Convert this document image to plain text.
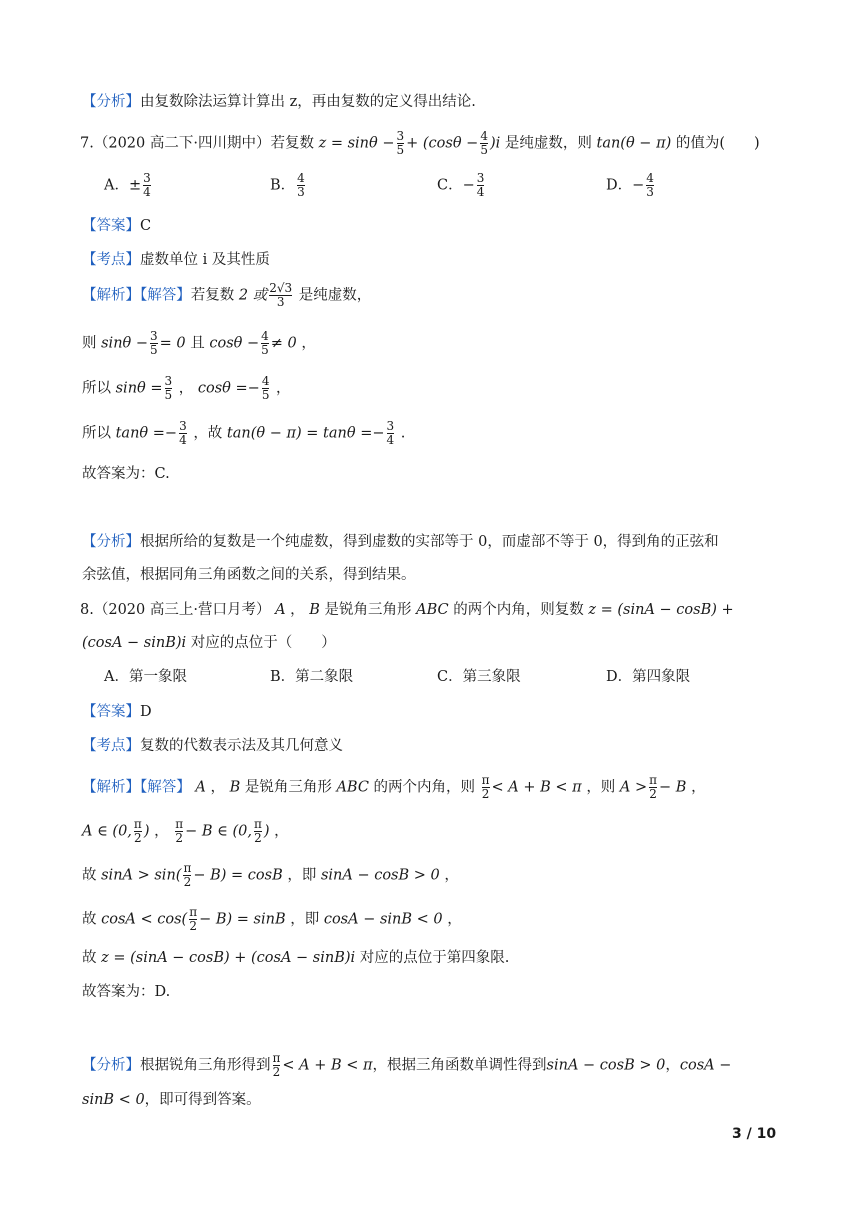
【分析】由复数除法运算计算出 z，再由复数的定义得出结论.
7.（2020 高二下·四川期中）若复数 $z = \sin\theta - \frac{3}{5} + (\cos\theta - \frac{4}{5} )i$ 是纯虚数，则 tan(θ − π) 的值为(　　)
A．± $\frac{3}{4}$	B． $\frac{4}{3}$	C．− $\frac{3}{4}$	D．− $\frac{4}{3}$
【答案】C
【考点】虚数单位 i 及其性质
【解析】【解答】若复数 2 或 $\frac{2√3}{3}$ 是纯虚数，
则 $\sin\theta - \frac{3}{5} = 0$ 且 $\cos\theta - \frac{4}{5} \ne 0$ ，
所以 $\sin\theta = \frac{3}{5}$ ， $\cos\theta =- \frac{4}{5}$ ，
所以 $\tan\theta =- \frac{3}{4}$ ，故 $\tan(\theta - \pi) = \tan\theta =- \frac{3}{4}$ .
故答案为：C.
【分析】根据所给的复数是一个纯虚数，得到虚数的实部等于 0，而虚部不等于 0，得到角的正弦和
余弦值，根据同角三角函数之间的关系，得到结果。
8.（2020 高三上·营口月考） A ， B 是锐角三角形 ABC 的两个内角，则复数 z = (sinA − cosB) +
(cosA − sinB)i 对应的点位于（　　）
A．第一象限	B．第二象限	C．第三象限	D．第四象限
【答案】D
【考点】复数的代数表示法及其几何意义
【解析】【解答】 A ， B 是锐角三角形 ABC 的两个内角，则 $\frac{\pi}{2} < A + B < \pi$ ，则 $A > \frac{\pi}{2} - B$ ，
A ∈ (0, $\frac{\pi}{2}$ ) ， $\frac{\pi}{2} - B$ ∈ (0, $\frac{\pi}{2}$ ) ，
故 $\sin A > \sin( \frac{\pi}{2} - B) = \cos B$ ，即 sinA − cosB > 0 ，
故 $\cos A < \cos( \frac{\pi}{2} - B) = \sin B$ ，即 cosA − sinB < 0 ，
故 z = (sinA − cosB) + (cosA − sinB)i 对应的点位于第四象限.
故答案为：D.
【分析】根据锐角三角形得到 $\frac{\pi}{2} < A + B < \pi$，根据三角函数单调性得到sinA − cosB > 0，cosA −
sinB < 0，即可得到答案。
3 / 10
